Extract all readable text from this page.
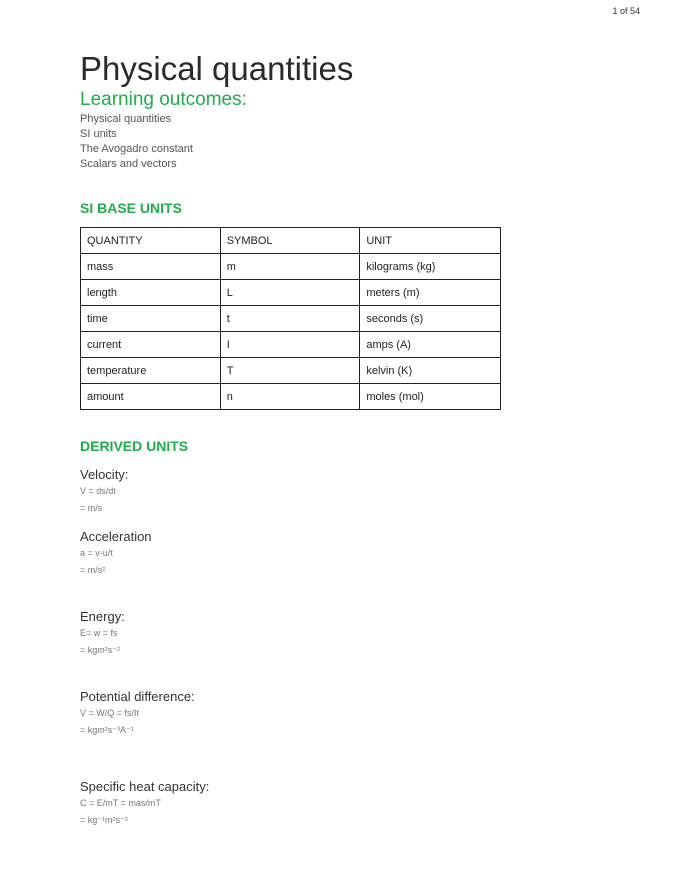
1 of 54
Physical quantities
Learning outcomes:
Physical quantities
SI units
The Avogadro constant
Scalars and vectors
SI BASE UNITS
QUANTITY	SYMBOL	UNIT
mass	m	kilograms (kg)
length	L	meters (m)
time	t	seconds (s)
current	I	amps (A)
temperature	T	kelvin (K)
amount	n	moles (mol)
DERIVED UNITS

Velocity:

V = ds/dt

= m/s

Acceleration

a = v-u/t

= m/s²

Energy:

E= w = fs

= kgm²s⁻²

Potential difference:

V = W/Q = fs/It

= kgm²s⁻³A⁻¹

Specific heat capacity:

C = E/mT = mas/mT

= kg⁻¹m²s⁻²
